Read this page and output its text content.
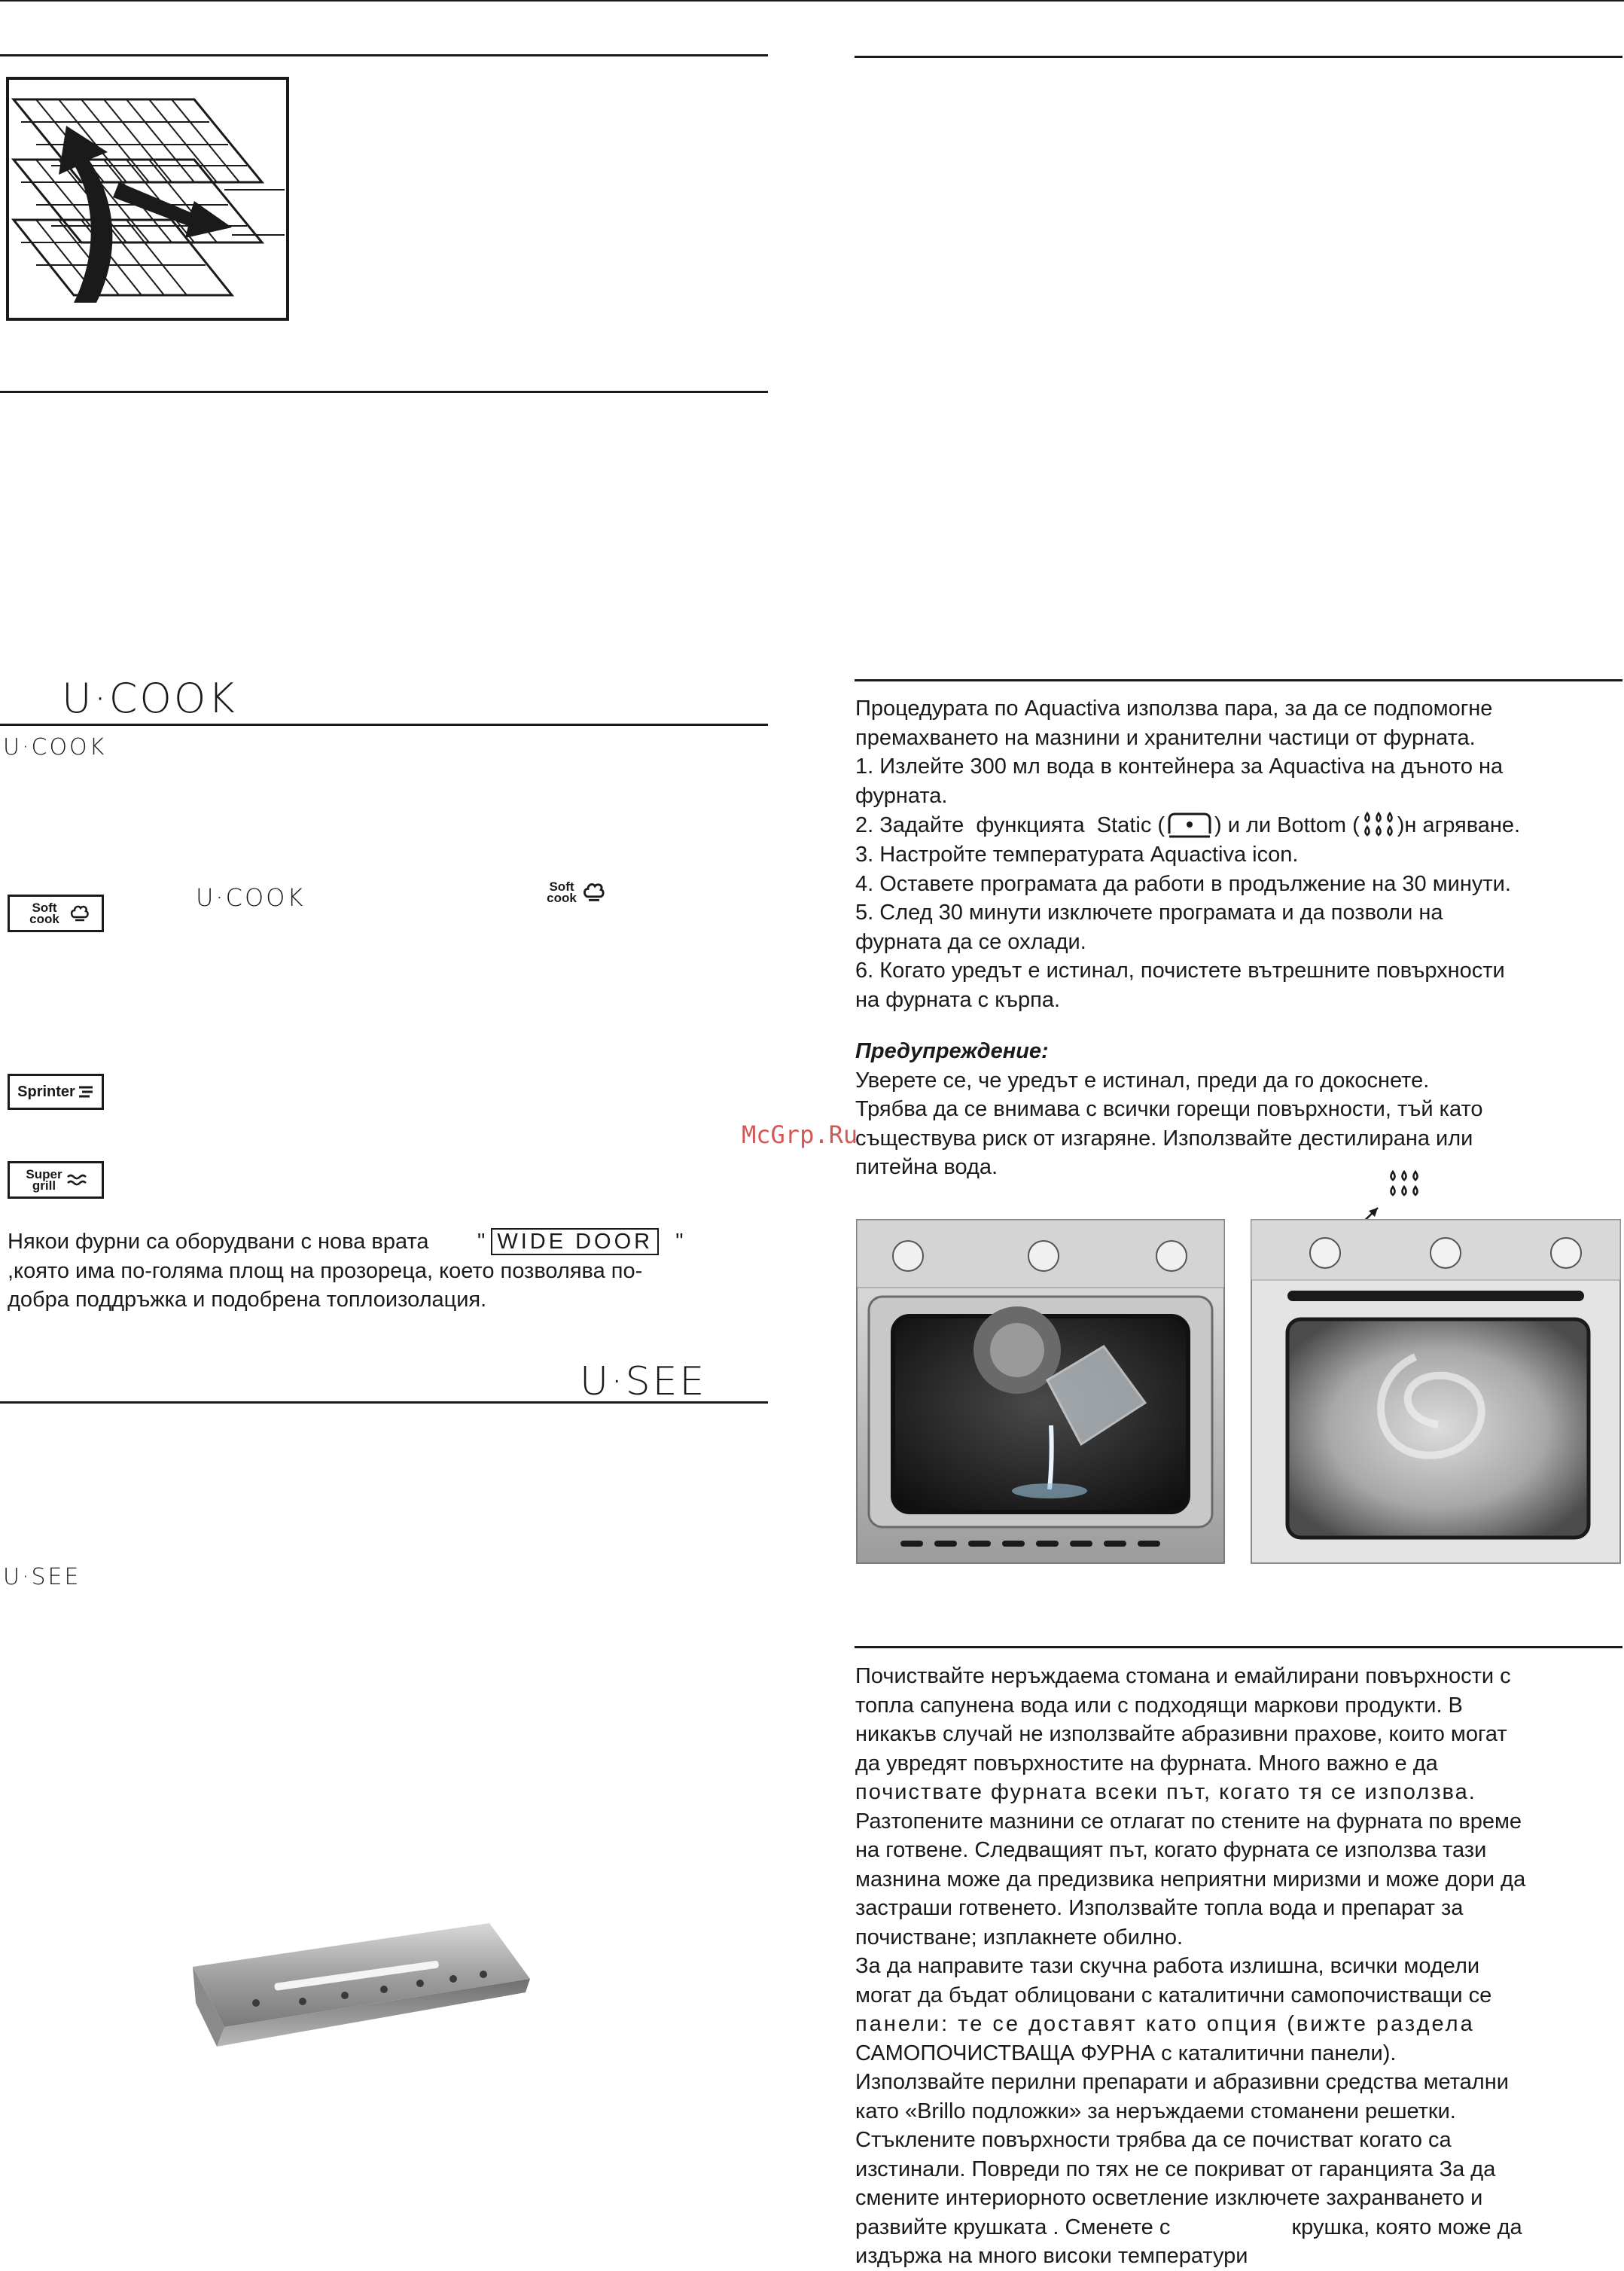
U·COOK
U·COOK
Soft cook
U·COOK	Soft cook
Sprinter
Super grill
Някои фурни са оборудвани с нова врата        " WIDE DOOR "
,която има по-голяма площ на прозореца, което позволява по-
добра поддръжка и подобрена топлоизолация.
U·SEE
U·SEE
Процедурата по Aquactiva използва пара, за да се подпомогне
премахването на мазнини и хранителни частици от фурната.
1. Излейте 300 мл вода в контейнера за Aquactiva на дъното на
фурната.
2. Задайте  функцията  Static ( ) и ли Bottom ( )н агряване.
3. Настройте температурата Aquactiva icon.
4. Оставете програмата да работи в продължение на 30 минути.
5. След 30 минути изключете програмата и да позволи на
фурната да се охлади.
6. Когато уредът е истинал, почистете вътрешните повърхности
на фурната с кърпа.
Предупреждение:
Уверете се, че уредът е истинал, преди да го докоснете.
Трябва да се внимава с всички горещи повърхности, тъй като
съществува риск от изгаряне. Използвайте дестилирана или
питейна вода.
McGrp.Ru
Почиствайте неръждаема стомана и емайлирани повърхности с
топла сапунена вода или с подходящи маркови продукти. В
никакъв случай не използвайте абразивни прахове, които могат
да увредят повърхностите на фурната. Много важно е да
почиствате фурната всеки път, когато тя се използва.
Разтопените мазнини се отлагат по стените на фурната по време
на готвене. Следващият път, когато фурната се използва тази
мазнина може да предизвика неприятни миризми и може дори да
застраши готвенето. Използвайте топла вода и препарат за
почистване; изплакнете обилно.
За да направите тази скучна работа излишна, всички модели
могат да бъдат облицовани с каталитични самопочистващи се
панели: те се доставят като опция (вижте раздела
САМОПОЧИСТВАЩА ФУРНА с каталитични панели).
Използвайте перилни препарати и абразивни средства метални
като «Brillo подложки» за неръждаеми стоманени решетки.
Стъклените повърхности трябва да се почистват когато са
изстинали. Повреди по тях не се покриват от гаранцията За да
смените интериорното осветление изключете захранването и
развийте крушката . Сменете с                    крушка, която може да
издържа на много високи температури
